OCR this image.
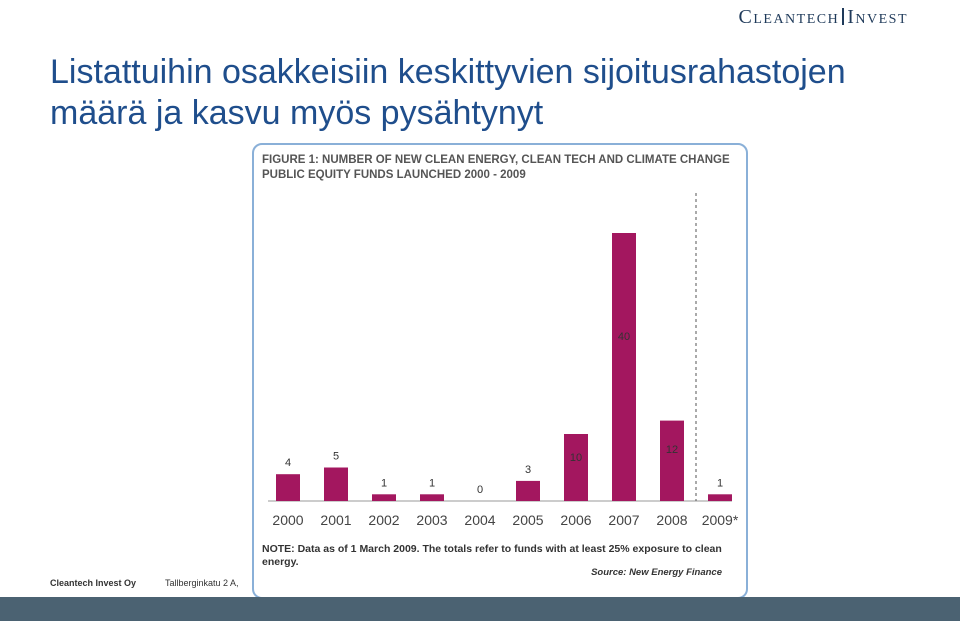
Cleantech Invest
Listattuihin osakkeisiin keskittyvien sijoitusrahastojen määrä ja kasvu myös pysähtynyt
FIGURE 1: NUMBER OF NEW CLEAN ENERGY, CLEAN TECH AND CLIMATE CHANGE PUBLIC EQUITY FUNDS LAUNCHED 2000 - 2009
4
2000
5
2001
1
2002
1
2003
0
2004
3
2005
10
2006
40
2007
12
2008
1
2009*
NOTE: Data as of 1 March 2009. The totals refer to funds with at least 25% exposure to clean energy.
Source: New Energy Finance
Cleantech Invest Oy	Tallberginkatu 2 A,
